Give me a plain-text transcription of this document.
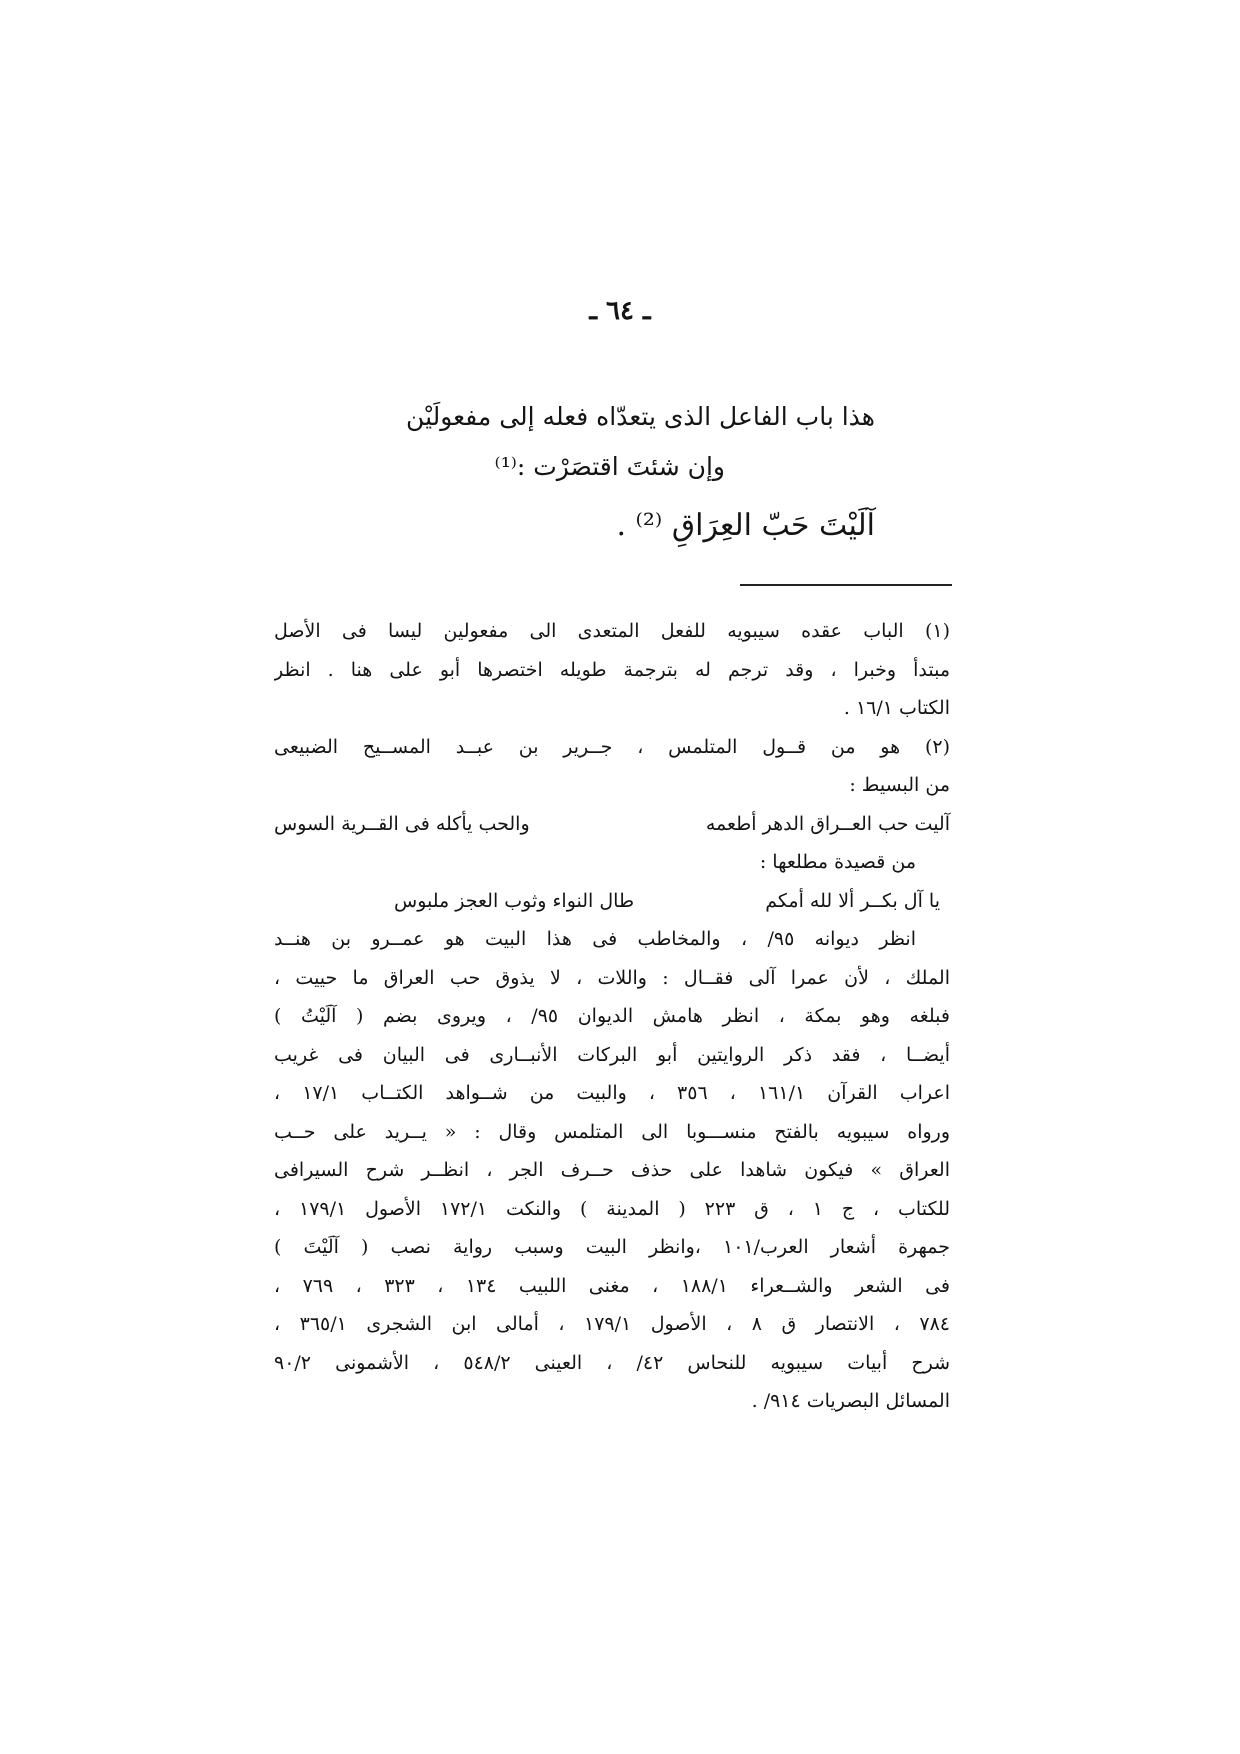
ـ ٦٤ ـ
هذا باب الفاعل الذى يتعدّاه فعله إلى مفعولَيْن
وإن شئتَ اقتصَرْت :⁽¹⁾
آلَيْتَ حَبّ العِرَاقِ ⁽²⁾ .
(١) الباب عقده سيبويه للفعل المتعدى الى مفعولين ليسا فى الأصل
مبتدأ وخبرا ، وقد ترجم له بترجمة طويله اختصرها أبو على هنا . انظر
الكتاب ١٦/١ .
(٢) هو من قــول المتلمس ، جــرير بن عبــد المســيح الضبيعى
من البسيط :
آليت حب العــراق الدهر أطعمه
والحب يأكله فى القــرية السوس
من قصيدة مطلعها :
يا آل بكــر ألا لله أمكم
طال النواء وثوب العجز ملبوس
انظر ديوانه ٩٥/ ، والمخاطب فى هذا البيت هو عمــرو بن هنــد
الملك ، لأن عمرا آلى فقــال : واللات ، لا يذوق حب العراق ما حييت ،
فبلغه وهو بمكة ، انظر هامش الديوان ٩٥/ ، ويروى بضم ( آلَيْتُ )
أيضــا ، فقد ذكر الروايتين أبو البركات الأنبــارى فى البيان فى غريب
اعراب القرآن ١٦١/١ ، ٣٥٦ ، والبيت من شــواهد الكتــاب ١٧/١ ،
ورواه سيبويه بالفتح منســـوبا الى المتلمس وقال : « يــريد على حــب
العراق » فيكون شاهدا على حذف حــرف الجر ، انظــر شرح السيرافى
للكتاب ، ج ١ ، ق ٢٢٣ ( المدينة ) والنكت ١٧٢/١ الأصول ١٧٩/١ ،
جمهرة أشعار العرب/١٠١ ،وانظر البيت وسبب رواية نصب ( آلَيْتَ )
فى الشعر والشــعراء ١٨٨/١ ، مغنى اللبيب ١٣٤ ، ٣٢٣ ، ٧٦٩ ،
٧٨٤ ، الانتصار ق ٨ ، الأصول ١٧٩/١ ، أمالى ابن الشجرى ٣٦٥/١ ،
شرح أبيات سيبويه للنحاس ٤٢/ ، العينى ٥٤٨/٢ ، الأشمونى ٩٠/٢
المسائل البصريات ٩١٤/ .
